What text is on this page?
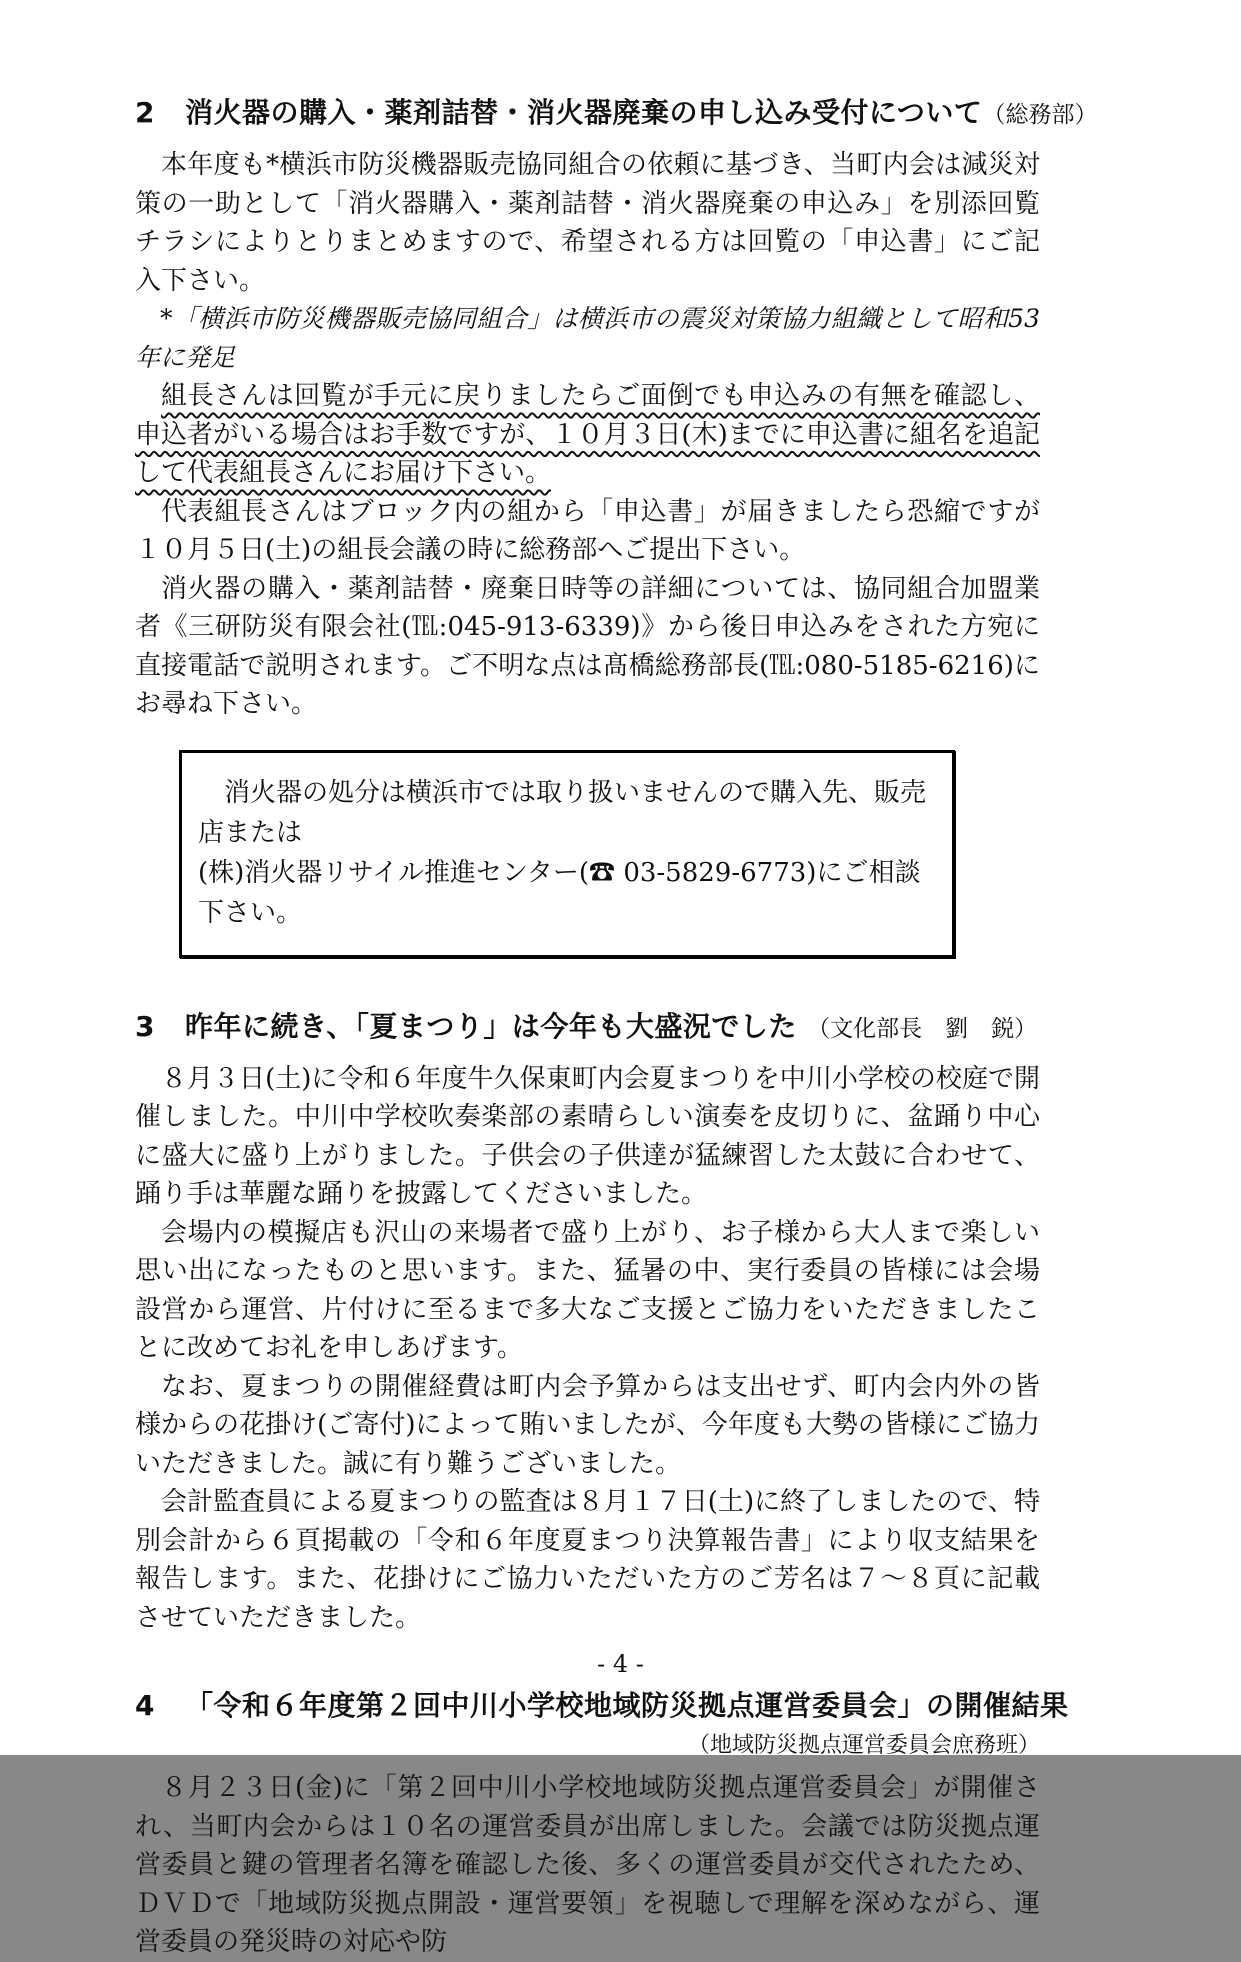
2 消火器の購入・薬剤詰替・消火器廃棄の申し込み受付について（総務部）

本年度も*横浜市防災機器販売協同組合の依頼に基づき、当町内会は減災対策の一助として「消火器購入・薬剤詰替・消火器廃棄の申込み」を別添回覧チラシによりとりまとめますので、希望される方は回覧の「申込書」にご記入下さい。

*「横浜市防災機器販売協同組合」は横浜市の震災対策協力組織として昭和53年に発足

組長さんは回覧が手元に戻りましたらご面倒でも申込みの有無を確認し、申込者がいる場合はお手数ですが、１０月３日(木)までに申込書に組名を追記して代表組長さんにお届け下さい。

代表組長さんはブロック内の組から「申込書」が届きましたら恐縮ですが１０月５日(土)の組長会議の時に総務部へご提出下さい。

消火器の購入・薬剤詰替・廃棄日時等の詳細については、協同組合加盟業者《三研防災有限会社(℡:045-913-6339)》から後日申込みをされた方宛に直接電話で説明されます。ご不明な点は髙橋総務部長(℡:080-5185-6216)にお尋ね下さい。

消火器の処分は横浜市では取り扱いませんので購入先、販売店または
(株)消火器リサイル推進センター(☎ 03-5829-6773)にご相談下さい。
3 昨年に続き、「夏まつり」は今年も大盛況でした （文化部長　劉　鋭）

８月３日(土)に令和６年度牛久保東町内会夏まつりを中川小学校の校庭で開催しました。中川中学校吹奏楽部の素晴らしい演奏を皮切りに、盆踊り中心に盛大に盛り上がりました。子供会の子供達が猛練習した太鼓に合わせて、踊り手は華麗な踊りを披露してくださいました。

会場内の模擬店も沢山の来場者で盛り上がり、お子様から大人まで楽しい思い出になったものと思います。また、猛暑の中、実行委員の皆様には会場設営から運営、片付けに至るまで多大なご支援とご協力をいただきましたことに改めてお礼を申しあげます。

なお、夏まつりの開催経費は町内会予算からは支出せず、町内会内外の皆様からの花掛け(ご寄付)によって賄いましたが、今年度も大勢の皆様にご協力いただきました。誠に有り難うございました。

会計監査員による夏まつりの監査は８月１７日(土)に終了しましたので、特別会計から６頁掲載の「令和６年度夏まつり決算報告書」により収支結果を報告します。また、花掛けにご協力いただいた方のご芳名は７～８頁に記載させていただきました。

4 「令和６年度第２回中川小学校地域防災拠点運営委員会」の開催結果
（地域防災拠点運営委員会庶務班）

８月２３日(金)に「第２回中川小学校地域防災拠点運営委員会」が開催され、当町内会からは１０名の運営委員が出席しました。会議では防災拠点運営委員と鍵の管理者名簿を確認した後、多くの運営委員が交代されたため、ＤＶＤで「地域防災拠点開設・運営要領」を視聴しで理解を深めながら、運営委員の発災時の対応や防

- 4 -
